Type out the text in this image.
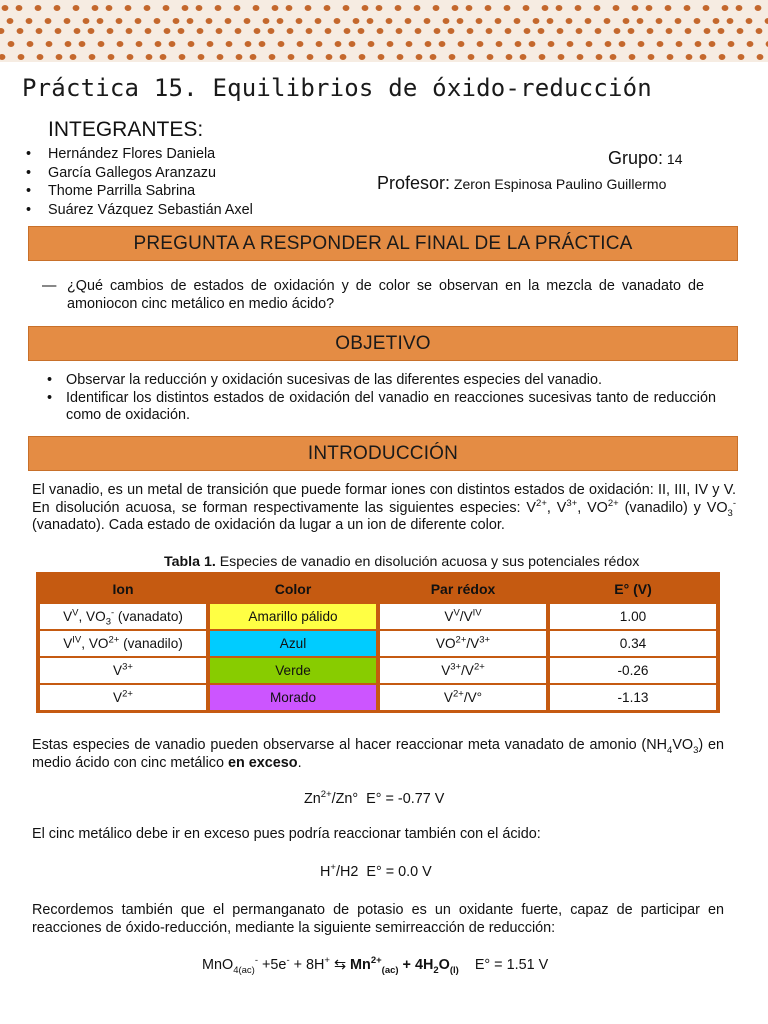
Práctica 15. Equilibrios de óxido-reducción
INTEGRANTES:
• Hernández Flores Daniela
• García Gallegos Aranzazu
• Thome Parrilla Sabrina
• Suárez Vázquez Sebastián Axel
Grupo: 14
Profesor: Zeron Espinosa Paulino Guillermo
PREGUNTA A RESPONDER AL FINAL DE LA PRÁCTICA
— ¿Qué cambios de estados de oxidación y de color se observan en la mezcla de vanadato de amoniocon cinc metálico en medio ácido?
OBJETIVO
• Observar la reducción y oxidación sucesivas de las diferentes especies del vanadio.
• Identificar los distintos estados de oxidación del vanadio en reacciones sucesivas tanto de reducción como de oxidación.
INTRODUCCIÓN
El vanadio, es un metal de transición que puede formar iones con distintos estados de oxidación: II, III, IV y V. En disolución acuosa, se forman respectivamente las siguientes especies: $V^{2+}$, $V^{3+}$, $VO^{2+}$ (vanadilo) y $VO_3^-$ (vanadato). Cada estado de oxidación da lugar a un ion de diferente color.
Tabla 1. Especies de vanadio en disolución acuosa y sus potenciales rédox
Ion	Color	Par rédox	E° (V)
$V^V$, $VO_3^-$ (vanadato)	Amarillo pálido	$V^V/V^{IV}$	1.00
$V^{IV}$, $VO^{2+}$ (vanadilo)	Azul	$VO^{2+}/V^{3+}$	0.34
$V^{3+}$	Verde	$V^{3+}/V^{2+}$	-0.26
$V^{2+}$	Morado	$V^{2+}/V^\circ$	-1.13
Estas especies de vanadio pueden observarse al hacer reaccionar meta vanadato de amonio $(NH_4VO_3)$ en medio ácido con cinc metálico en exceso.
$Zn^{2+}/Zn^\circ$  E° = -0.77 V
El cinc metálico debe ir en exceso pues podría reaccionar también con el ácido:
H+/H2  E° = 0.0 V
Recordemos también que el permanganato de potasio es un oxidante fuerte, capaz de participar en reacciones de óxido-reducción, mediante la siguiente semirreacción de reducción:
MnO$_{4(ac)}$- +5e- + 8H+ ⇆ $Mn^{2+}_{(ac)} + 4H_2O_{(l)}$    E° = 1.51 V
